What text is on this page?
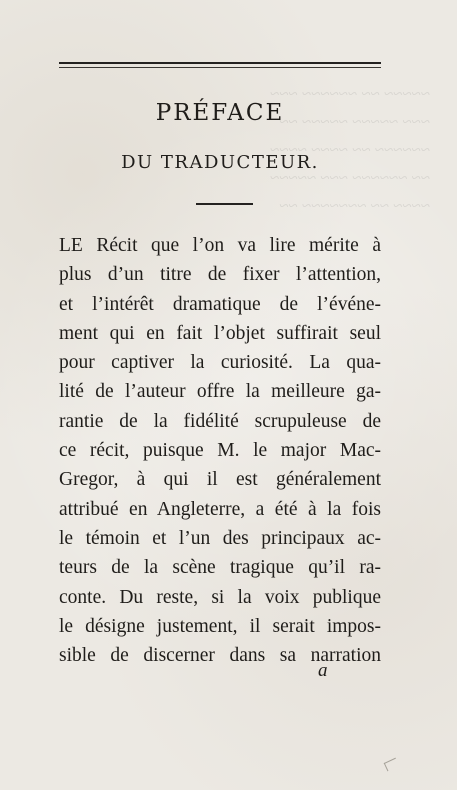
~~~~~ ~~ ~~~~~~ ~~~
~~~ ~~~~~ ~~~~~ ~~
~~~~~~ ~~ ~~~~ ~~~~
~~ ~~~~~~ ~~~ ~~~~~
~~~~ ~~ ~~~~~~~ ~~
PRÉFACE
DU TRADUCTEUR.
LE Récit que l’on va lire mérite à
plus d’un titre de fixer l’attention,
et l’intérêt dramatique de l’événe-
ment qui en fait l’objet suffirait seul
pour captiver la curiosité. La qua-
lité de l’auteur offre la meilleure ga-
rantie de la fidélité scrupuleuse de
ce récit, puisque M. le major Mac-
Gregor, à qui il est généralement
attribué en Angleterre, a été à la fois
le témoin et l’un des principaux ac-
teurs de la scène tragique qu’il ra-
conte. Du reste, si la voix publique
le désigne justement, il serait impos-
sible de discerner dans sa narration
a
